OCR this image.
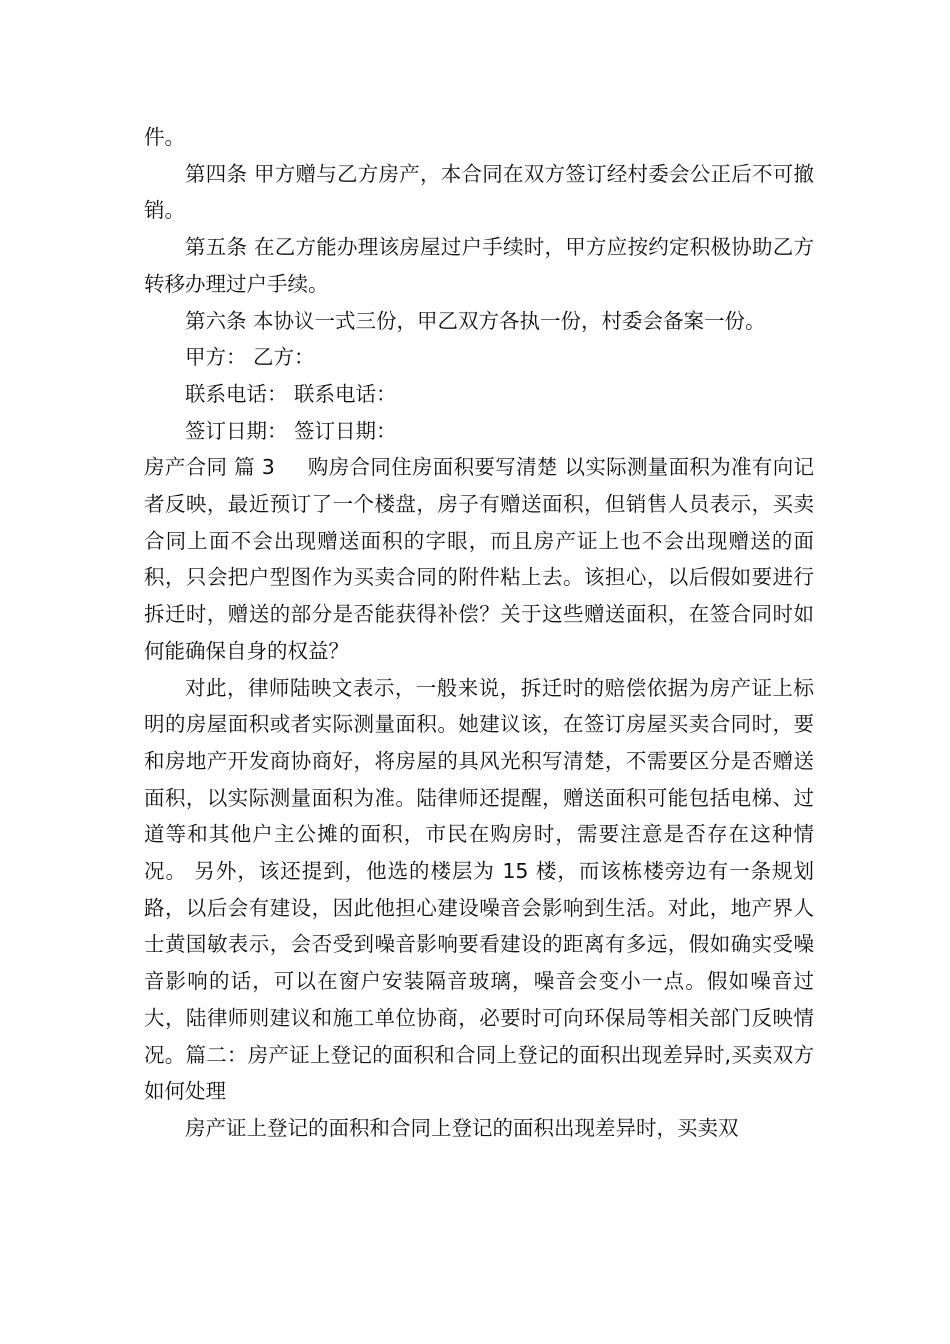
件。

第四条 甲方赠与乙方房产，本合同在双方签订经村委会公正后不可撤销。

第五条 在乙方能办理该房屋过户手续时，甲方应按约定积极协助乙方转移办理过户手续。

第六条 本协议一式三份，甲乙双方各执一份，村委会备案一份。

甲方： 乙方：

联系电话： 联系电话：

签订日期： 签订日期：

房产合同 篇 3 购房合同住房面积要写清楚 以实际测量面积为准有向记者反映，最近预订了一个楼盘，房子有赠送面积，但销售人员表示，买卖合同上面不会出现赠送面积的字眼，而且房产证上也不会出现赠送的面积，只会把户型图作为买卖合同的附件粘上去。该担心，以后假如要进行拆迁时，赠送的部分是否能获得补偿？关于这些赠送面积，在签合同时如何能确保自身的权益？

对此，律师陆映文表示，一般来说，拆迁时的赔偿依据为房产证上标明的房屋面积或者实际测量面积。她建议该，在签订房屋买卖合同时，要和房地产开发商协商好，将房屋的具风光积写清楚，不需要区分是否赠送面积，以实际测量面积为准。陆律师还提醒，赠送面积可能包括电梯、过道等和其他户主公摊的面积，市民在购房时，需要注意是否存在这种情况。 另外，该还提到，他选的楼层为 15 楼，而该栋楼旁边有一条规划路，以后会有建设，因此他担心建设噪音会影响到生活。对此，地产界人士黄国敏表示，会否受到噪音影响要看建设的距离有多远，假如确实受噪音影响的话，可以在窗户安装隔音玻璃，噪音会变小一点。假如噪音过大，陆律师则建议和施工单位协商，必要时可向环保局等相关部门反映情况。篇二：房产证上登记的面积和合同上登记的面积出现差异时,买卖双方如何处理

房产证上登记的面积和合同上登记的面积出现差异时，买卖双
